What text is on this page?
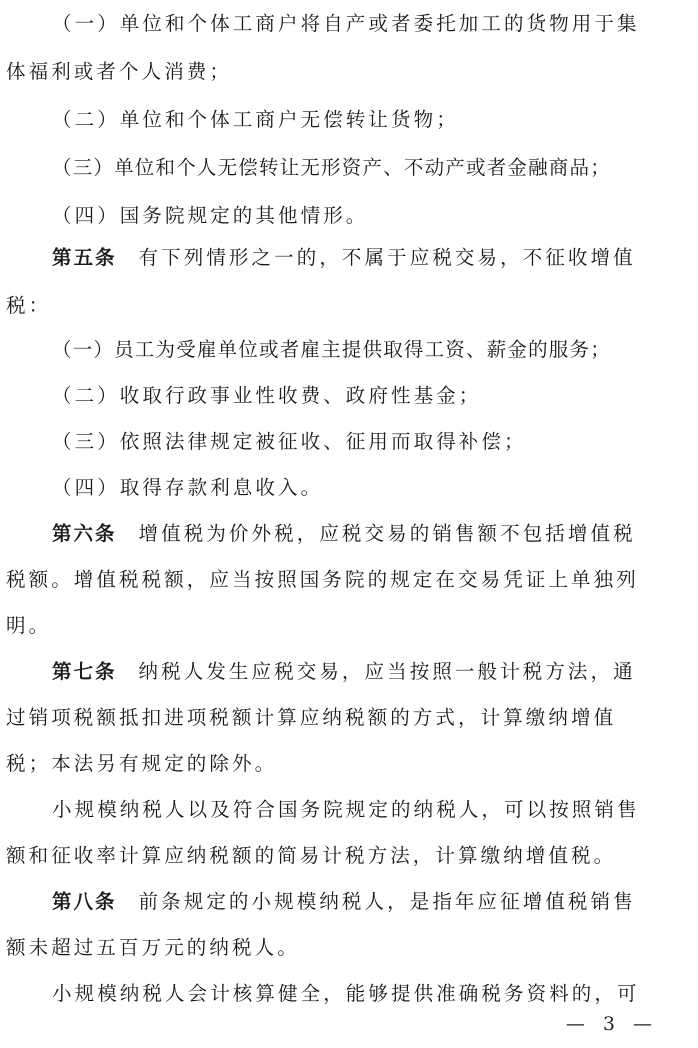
（一）单位和个体工商户将自产或者委托加工的货物用于集
体福利或者个人消费；
（二）单位和个体工商户无偿转让货物；
（三）单位和个人无偿转让无形资产、不动产或者金融商品；
（四）国务院规定的其他情形。
第五条 有下列情形之一的，不属于应税交易，不征收增值
税：
（一）员工为受雇单位或者雇主提供取得工资、薪金的服务；
（二）收取行政事业性收费、政府性基金；
（三）依照法律规定被征收、征用而取得补偿；
（四）取得存款利息收入。
第六条 增值税为价外税，应税交易的销售额不包括增值税
税额。增值税税额，应当按照国务院的规定在交易凭证上单独列
明。
第七条 纳税人发生应税交易，应当按照一般计税方法，通
过销项税额抵扣进项税额计算应纳税额的方式，计算缴纳增值
税；本法另有规定的除外。
小规模纳税人以及符合国务院规定的纳税人，可以按照销售
额和征收率计算应纳税额的简易计税方法，计算缴纳增值税。
第八条 前条规定的小规模纳税人，是指年应征增值税销售
额未超过五百万元的纳税人。
小规模纳税人会计核算健全，能够提供准确税务资料的，可
— 3 —
